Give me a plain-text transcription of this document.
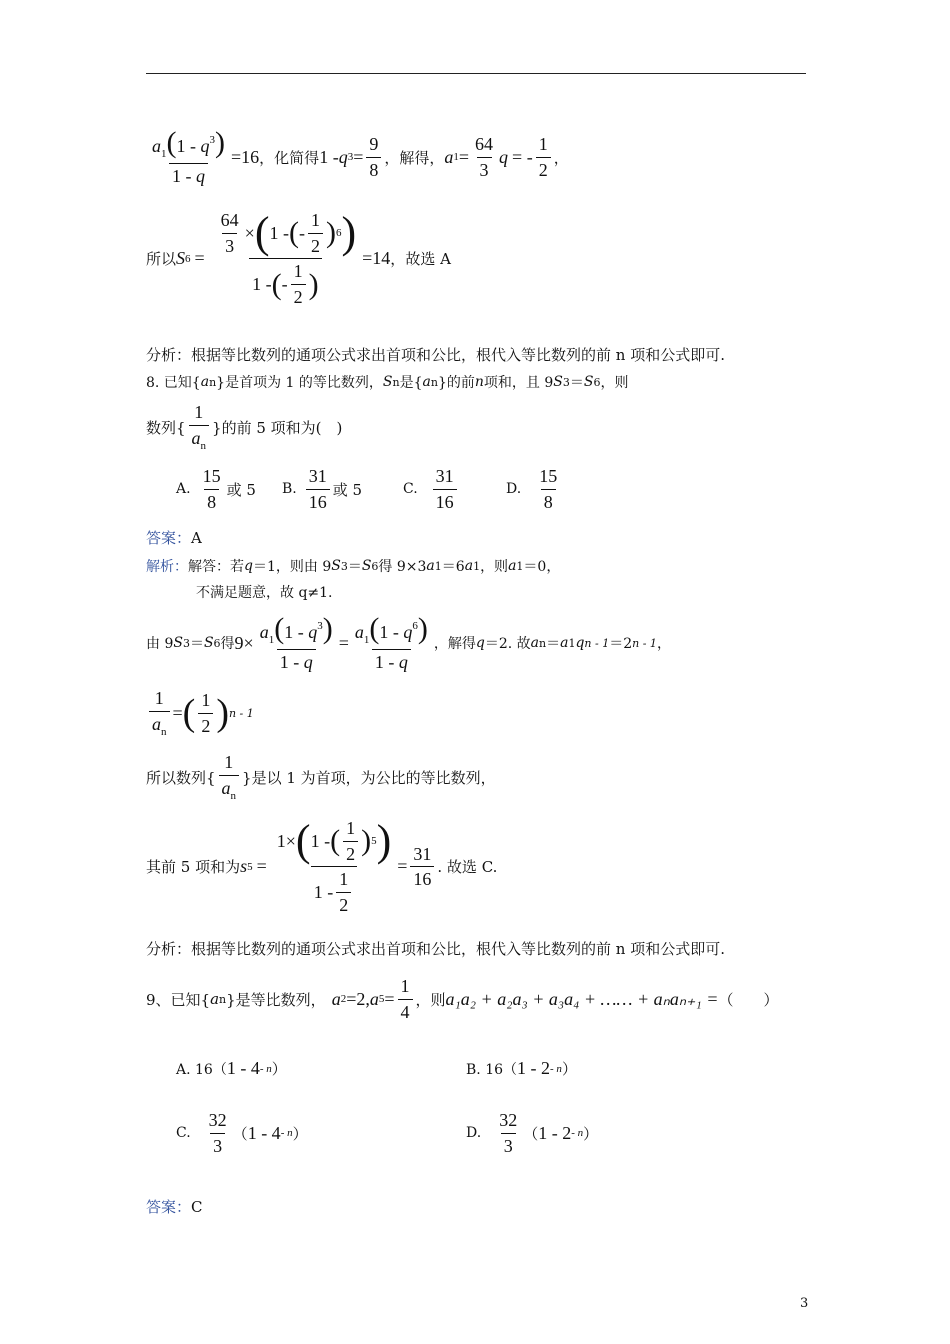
$\frac{a_1(1 - q^3)}{1 - q} =16$ ， 化简得 1 - q $3 = \frac{9}{8}$ ， 解得 ， a $1 = \frac{64}{3}$ q = - $\frac{1}{2}$ ，
所以 S $6 = \frac{\frac{64}{3} \times ( 1 - ( - \frac{1}{2} ) 6 )}{1 - ( - \frac{1}{2} )} =14$ ， 故选 A
分析：根据等比数列的通项公式求出首项和公比，根代入等比数列的前 n 项和公式即可.
8. 已知{ a n }是首项为 1 的等比数列， S n 是{ a n }的前 n 项和，且 9 S 3 ＝ S 6 ，则
数列{ $\frac{1}{a_n}$ }的前 5 项和为(　)
A. $\frac{15}{8}$ 或 5 B. $\frac{31}{16}$ 或 5	C. $\frac{31}{16}$	D. $\frac{15}{8}$
答案： A
解析： 解答：若 q ＝1，则由 9 S 3 ＝ S 6 得 9×3 a 1 ＝6 a 1 ，则 a 1 ＝0，
不满足题意，故 q≠1.
由 9 S 3 ＝ S 6 得 $9 \times \frac{a_1(1 - q^3)}{1 - q} = \frac{a_1(1 - q^6)}{1 - q}$ ，解得 q ＝2. 故 a n ＝ a 1 q n - 1 ＝2 n - 1 ，
$\frac{1}{a_n}$ = ( $\frac{1}{2}$ ) n - 1
所以数列{ $\frac{1}{a_n}$ }是以 1 为首项，为公比的等比数列，
其前 5 项和为 s $5 = \frac{1 \times ( 1 - ( \frac{1}{2} ) 5 )}{1 - \frac{1}{2}} = \frac{31}{16}$ . 故选 C.
分析：根据等比数列的通项公式求出首项和公比，根代入等比数列的前 n 项和公式即可.
9、已知{ a n }是等比数列， a 2 =2, a $5 = \frac{1}{4}$ ， 则 a₁a₂ + a₂a₃ + a₃a₄ + …… + aₙaₙ₊₁ = （　　）
A. 16（ 1 - 4 - n ）	B. 16（ 1 - 2 - n ）
C. $\frac{32}{3}$ （ 1 - 4 - n ）	D. $\frac{32}{3}$ （ 1 - 2 - n ）
答案： C
3
